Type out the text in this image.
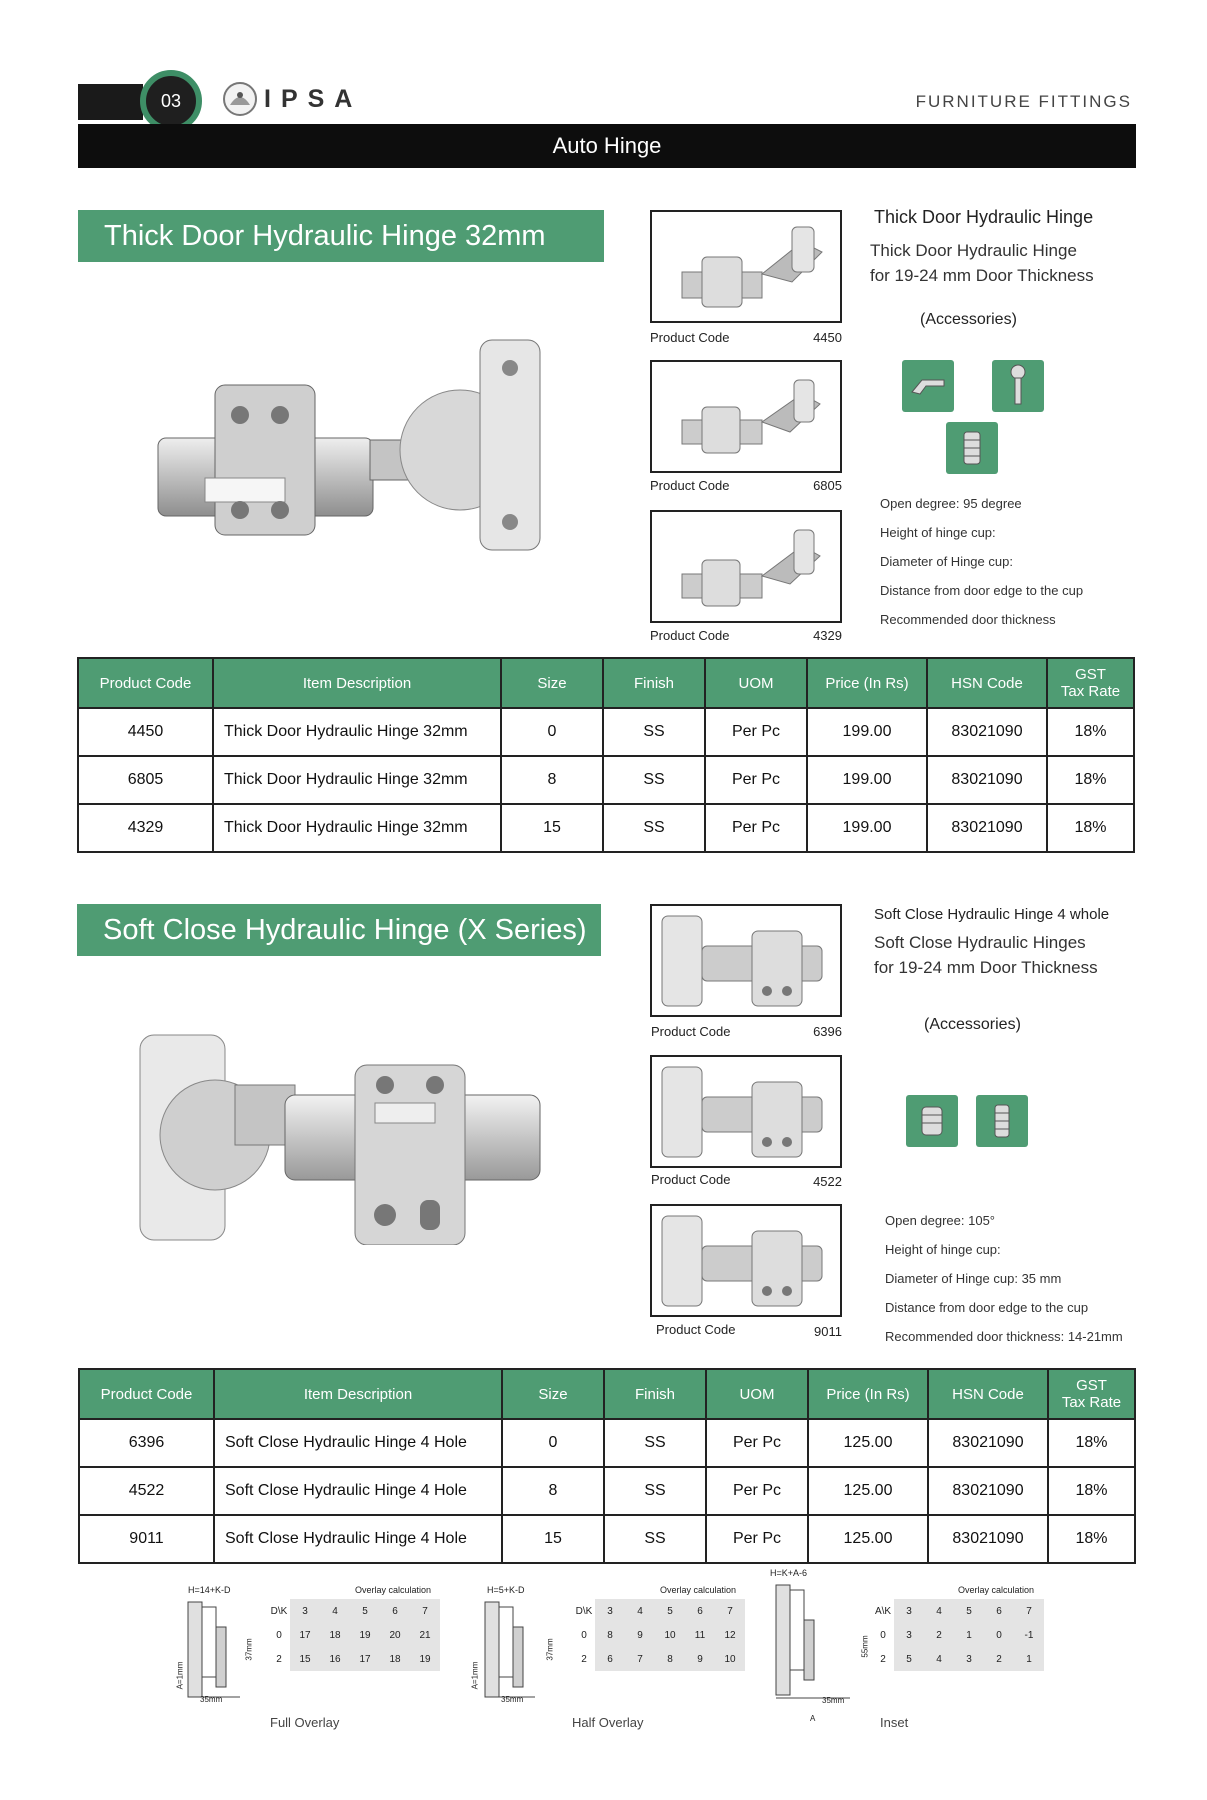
03	IPSA	FURNITURE FITTINGS
Auto Hinge
Thick Door Hydraulic Hinge 32mm
Product Code	4450
Product Code	6805
Product Code	4329
Thick Door Hydraulic Hinge
Thick Door Hydraulic Hinge
for 19-24 mm Door Thickness
(Accessories)
Open degree: 95 degree
Height of hinge cup:
Diameter of Hinge cup:
Distance from door edge to the cup
Recommended door thickness
Product Code	Item Description	Size	Finish	UOM	Price (In Rs)	HSN Code	GST
Tax Rate
4450	Thick Door Hydraulic Hinge 32mm	0	SS	Per Pc	199.00	83021090	18%
6805	Thick Door Hydraulic Hinge 32mm	8	SS	Per Pc	199.00	83021090	18%
4329	Thick Door Hydraulic Hinge 32mm	15	SS	Per Pc	199.00	83021090	18%
Soft Close Hydraulic Hinge (X Series)
Product Code	6396
Product Code	4522
Product Code	9011
Soft Close Hydraulic Hinge 4 whole
Soft Close Hydraulic Hinges
for 19-24 mm Door Thickness
(Accessories)
Open degree: 105°
Height of hinge cup:
Diameter of Hinge cup: 35 mm
Distance from door edge to the cup
Recommended door thickness: 14-21mm
Product Code	Item Description	Size	Finish	UOM	Price (In Rs)	HSN Code	GST
Tax Rate
6396	Soft Close Hydraulic Hinge 4 Hole	0	SS	Per Pc	125.00	83021090	18%
4522	Soft Close Hydraulic Hinge 4 Hole	8	SS	Per Pc	125.00	83021090	18%
9011	Soft Close Hydraulic Hinge 4 Hole	15	SS	Per Pc	125.00	83021090	18%
H=14+K-D
A=1mm
35mm
37mm
Overlay calculation
D\K	3	4	5	6	7
0	17	18	19	20	21
2	15	16	17	18	19
Full Overlay
H=5+K-D
A=1mm
35mm
37mm
Overlay calculation
D\K	3	4	5	6	7
0	8	9	10	11	12
2	6	7	8	9	10
Half Overlay
H=K+A-6
35mm
A
55mm
Overlay calculation
A\K	3	4	5	6	7
0	3	2	1	0	-1
2	5	4	3	2	1
Inset
